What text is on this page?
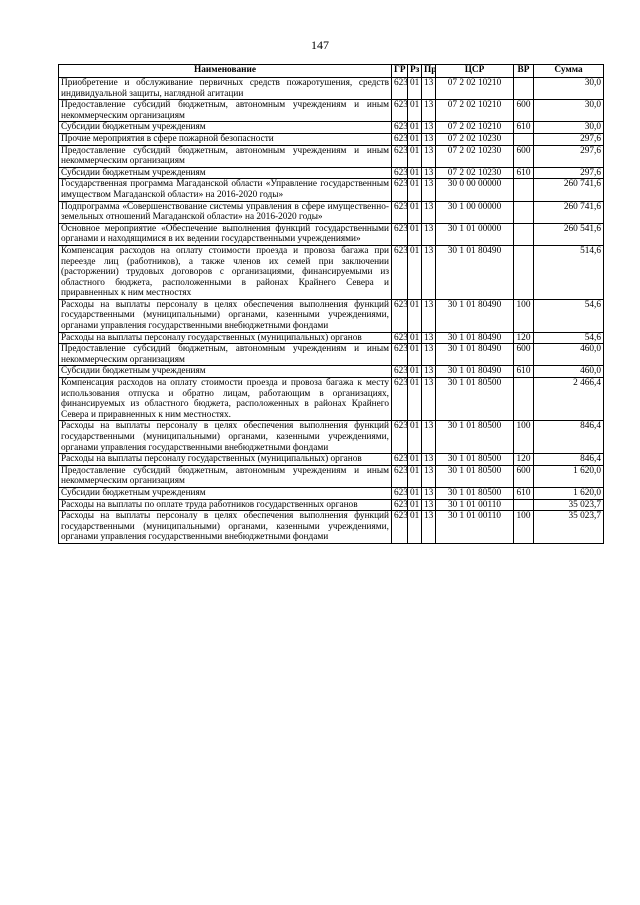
147
Наименование	ГР	Рз	Пр	ЦСР	ВР	Сумма
Приобретение и обслуживание первичных средств пожаротушения, средств индивидуальной защиты, наглядной агитации	623	01	13	07 2 02 10210		30,0
Предоставление субсидий бюджетным, автономным учреждениям и иным некоммерческим организациям	623	01	13	07 2 02 10210	600	30,0
Субсидии бюджетным учреждениям	623	01	13	07 2 02 10210	610	30,0
Прочие мероприятия в сфере пожарной безопасности	623	01	13	07 2 02 10230		297,6
Предоставление субсидий бюджетным, автономным учреждениям и иным некоммерческим организациям	623	01	13	07 2 02 10230	600	297,6
Субсидии бюджетным учреждениям	623	01	13	07 2 02 10230	610	297,6
Государственная программа Магаданской области «Управление государственным имуществом Магаданской области» на 2016-2020 годы»	623	01	13	30 0 00 00000		260 741,6
Подпрограмма «Совершенствование системы управления в сфере имущественно-земельных отношений Магаданской области» на 2016-2020 годы»	623	01	13	30 1 00 00000		260 741,6
Основное мероприятие «Обеспечение выполнения функций государственными органами и находящимися в их ведении государственными учреждениями»	623	01	13	30 1 01 00000		260 541,6
Компенсация расходов на оплату стоимости проезда и провоза багажа при переезде лиц (работников), а также членов их семей при заключении (расторжении) трудовых договоров с организациями, финансируемыми из областного бюджета, расположенными в районах Крайнего Севера и приравненных к ним местностях	623	01	13	30 1 01 80490		514,6
Расходы на выплаты персоналу в целях обеспечения выполнения функций государственными (муниципальными) органами, казенными учреждениями, органами управления государственными внебюджетными фондами	623	01	13	30 1 01 80490	100	54,6
Расходы на выплаты персоналу государственных (муниципальных) органов	623	01	13	30 1 01 80490	120	54,6
Предоставление субсидий бюджетным, автономным учреждениям и иным некоммерческим организациям	623	01	13	30 1 01 80490	600	460,0
Субсидии бюджетным учреждениям	623	01	13	30 1 01 80490	610	460,0
Компенсация расходов на оплату стоимости проезда и провоза багажа к месту использования отпуска и обратно лицам, работающим в организациях, финансируемых из областного бюджета, расположенных в районах Крайнего Севера и приравненных к ним местностях.	623	01	13	30 1 01 80500		2 466,4
Расходы на выплаты персоналу в целях обеспечения выполнения функций государственными (муниципальными) органами, казенными учреждениями, органами управления государственными внебюджетными фондами	623	01	13	30 1 01 80500	100	846,4
Расходы на выплаты персоналу государственных (муниципальных) органов	623	01	13	30 1 01 80500	120	846,4
Предоставление субсидий бюджетным, автономным учреждениям и иным некоммерческим организациям	623	01	13	30 1 01 80500	600	1 620,0
Субсидии бюджетным учреждениям	623	01	13	30 1 01 80500	610	1 620,0
Расходы на выплаты по оплате труда работников государственных органов	623	01	13	30 1 01 00110		35 023,7
Расходы на выплаты персоналу в целях обеспечения выполнения функций государственными (муниципальными) органами, казенными учреждениями, органами управления государственными внебюджетными фондами	623	01	13	30 1 01 00110	100	35 023,7
